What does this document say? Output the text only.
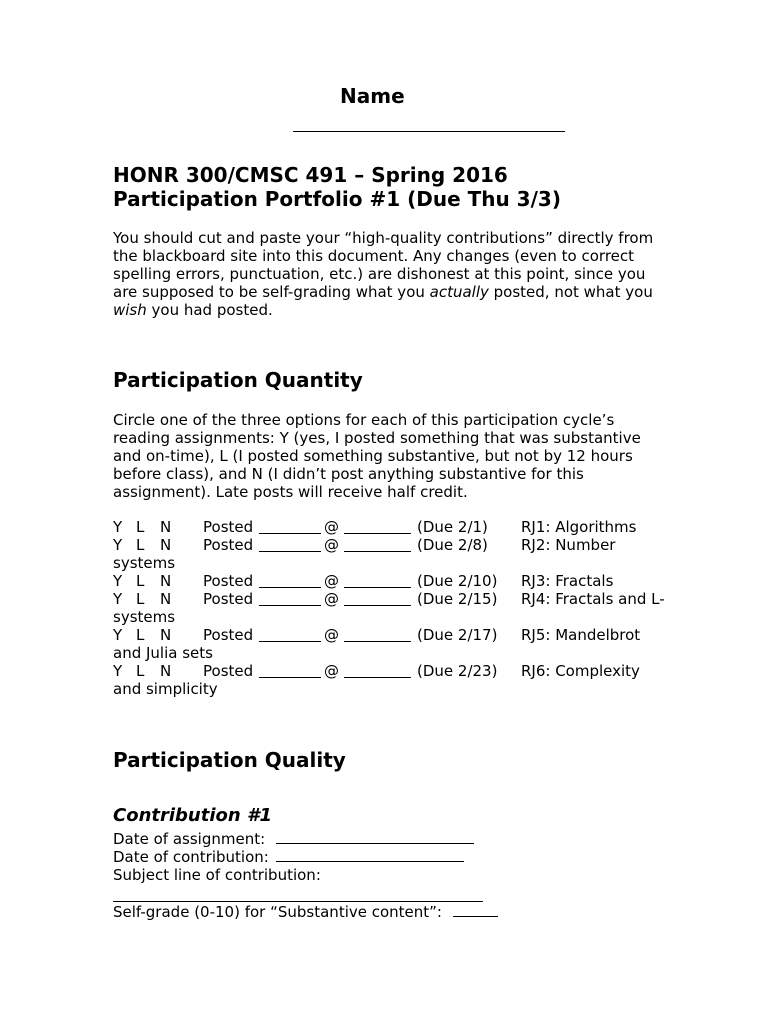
Name
HONR 300/CMSC 491 – Spring 2016
Participation Portfolio #1 (Due Thu 3/3)
You should cut and paste your “high-quality contributions” directly from the blackboard site into this document. Any changes (even to correct spelling errors, punctuation, etc.) are dishonest at this point, since you are supposed to be self-grading what you actually posted, not what you wish you had posted.
Participation Quantity
Circle one of the three options for each of this participation cycle’s reading assignments: Y (yes, I posted something that was substantive and on-time), L (I posted something substantive, but not by 12 hours before class), and N (I didn’t post anything substantive for this assignment). Late posts will receive half credit.
Y L N Posted	@	(Due 2/1) RJ1: Algorithms
Y L N Posted	@	(Due 2/8) RJ2: Number
systems
Y L N Posted	@	(Due 2/10) RJ3: Fractals
Y L N Posted	@	(Due 2/15) RJ4: Fractals and L-
systems
Y L N Posted	@	(Due 2/17) RJ5: Mandelbrot
and Julia sets
Y L N Posted	@	(Due 2/23) RJ6: Complexity
and simplicity
Participation Quality
Contribution #1
Date of assignment:
Date of contribution:
Subject line of contribution:
Self-grade (0-10) for “Substantive content”:
